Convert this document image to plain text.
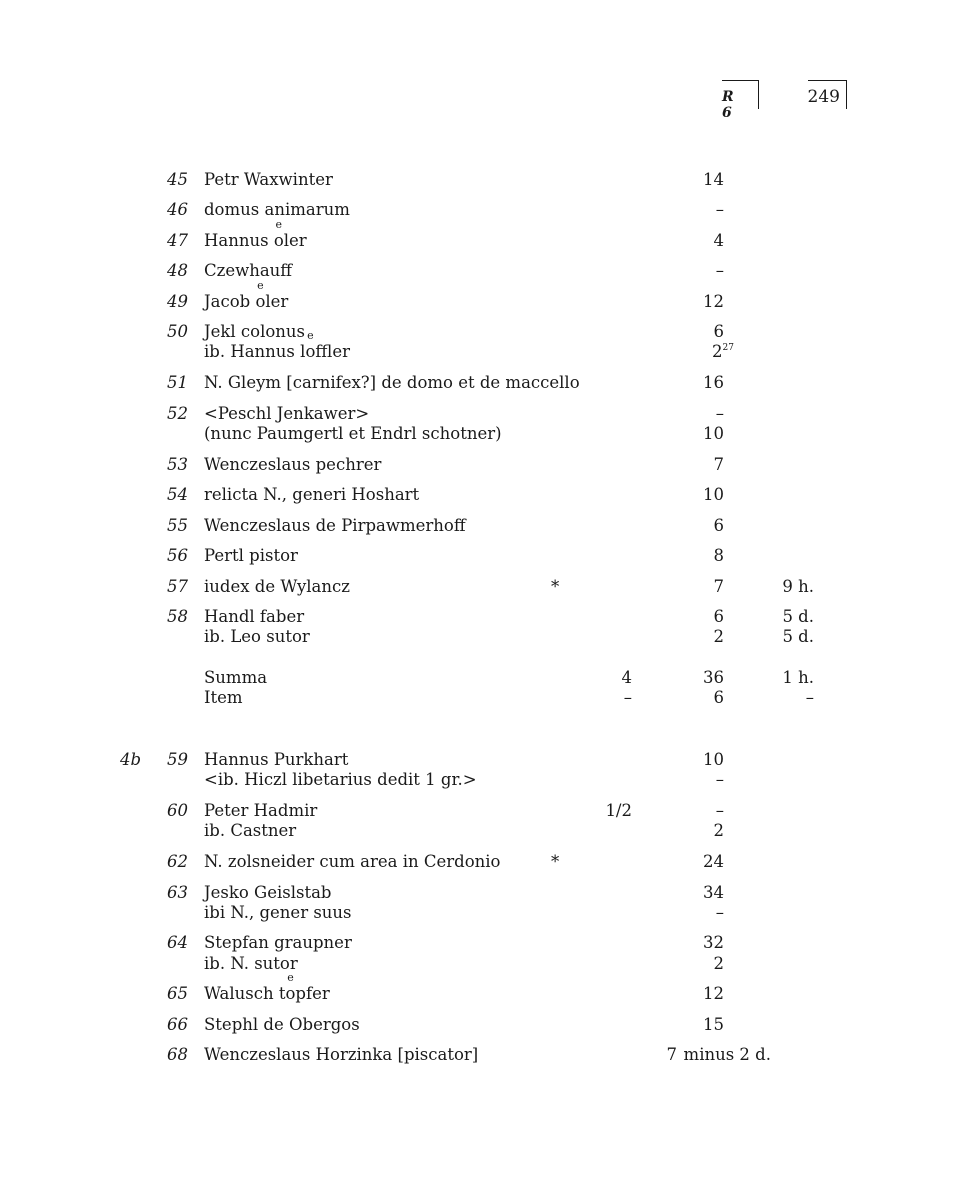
R 6
249
45 Petr Waxwinter	14
46 domus animarum	–
47 Hannus e oler	4
48 Czewhauff	–
49 Jacob e oler	12
50 Jekl colonus	6
ib. Hannus le offler	$2^{27}$
51 N. Gleym [carnifex?] de domo et de maccello	16
52 <Peschl Jenkawer>	–
(nunc Paumgertl et Endrl schotner)	10
53 Wenczeslaus pechrer	7
54 relicta N., generi Hoshart	10
55 Wenczeslaus de Pirpawmerhoff	6
56 Pertl pistor	8
57 iudex de Wylancz	*	7	9 h.
58 Handl faber	6	5 d.
ib. Leo sutor	2	5 d.
Summa	4	36	1 h.
Item	–	6	–
4b 59 Hannus Purkhart	10
<ib. Hiczl libetarius dedit 1 gr.>	–
60 Peter Hadmir	1/2	–
ib. Castner	2
62 N. zolsneider cum area in Cerdonio	*	24
63 Jesko Geislstab	34
ibi N., gener suus	–
64 Stepfan graupner	32
ib. N. sutor	2
65 Walusch te opfer	12
66 Stephl de Obergos	15
68 Wenczeslaus Horzinka [piscator]	7 minus 2 d.
